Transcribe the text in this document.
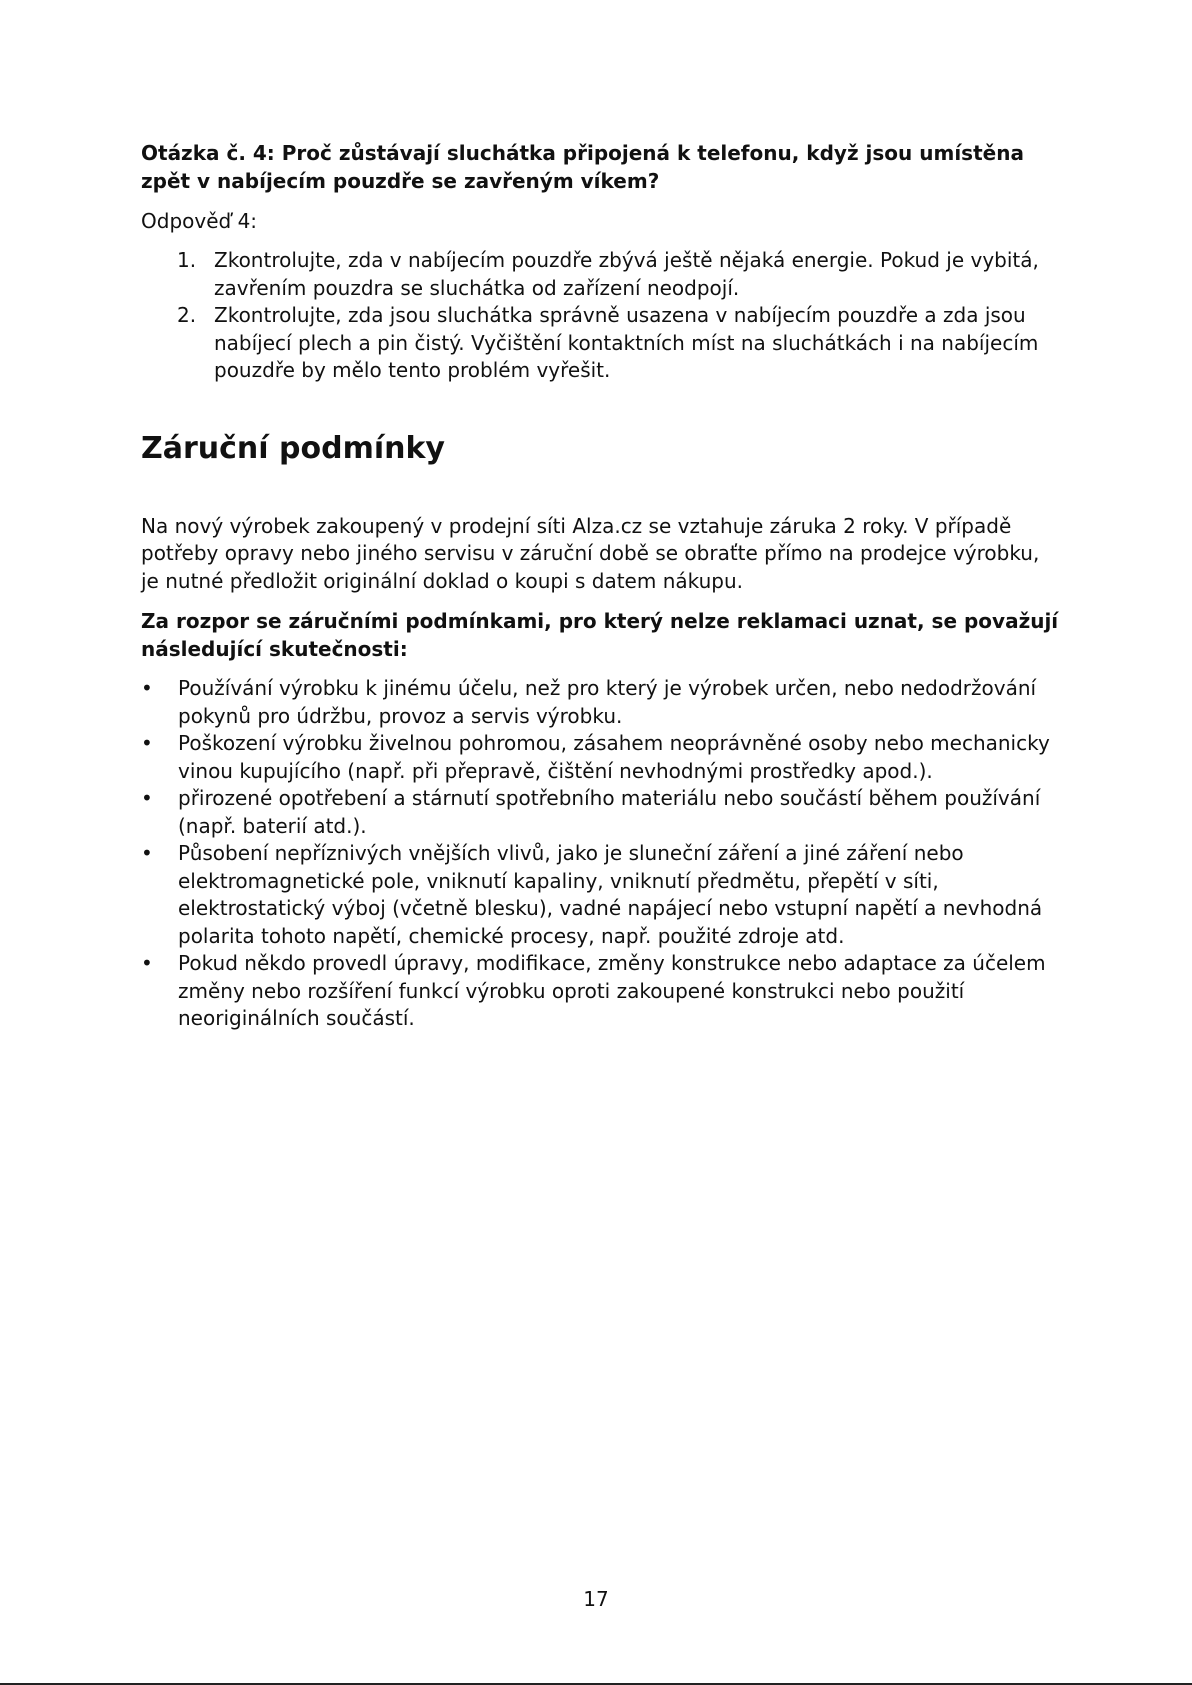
Otázka č. 4: Proč zůstávají sluchátka připojená k telefonu, když jsou umístěna zpět v nabíjecím pouzdře se zavřeným víkem?

Odpověď 4:

1. Zkontrolujte, zda v nabíjecím pouzdře zbývá ještě nějaká energie. Pokud je vybitá, zavřením pouzdra se sluchátka od zařízení neodpojí.
2. Zkontrolujte, zda jsou sluchátka správně usazena v nabíjecím pouzdře a zda jsou nabíjecí plech a pin čistý. Vyčištění kontaktních míst na sluchátkách i na nabíjecím pouzdře by mělo tento problém vyřešit.
Záruční podmínky

Na nový výrobek zakoupený v prodejní síti Alza.cz se vztahuje záruka 2 roky. V případě potřeby opravy nebo jiného servisu v záruční době se obraťte přímo na prodejce výrobku, je nutné předložit originální doklad o koupi s datem nákupu.

Za rozpor se záručními podmínkami, pro který nelze reklamaci uznat, se považují následující skutečnosti:

• Používání výrobku k jinému účelu, než pro který je výrobek určen, nebo nedodržování pokynů pro údržbu, provoz a servis výrobku.
• Poškození výrobku živelnou pohromou, zásahem neoprávněné osoby nebo mechanicky vinou kupujícího (např. při přepravě, čištění nevhodnými prostředky apod.).
• přirozené opotřebení a stárnutí spotřebního materiálu nebo součástí během používání (např. baterií atd.).
• Působení nepříznivých vnějších vlivů, jako je sluneční záření a jiné záření nebo elektromagnetické pole, vniknutí kapaliny, vniknutí předmětu, přepětí v síti, elektrostatický výboj (včetně blesku), vadné napájecí nebo vstupní napětí a nevhodná polarita tohoto napětí, chemické procesy, např. použité zdroje atd.
• Pokud někdo provedl úpravy, modifikace, změny konstrukce nebo adaptace za účelem změny nebo rozšíření funkcí výrobku oproti zakoupené konstrukci nebo použití neoriginálních součástí.
17
